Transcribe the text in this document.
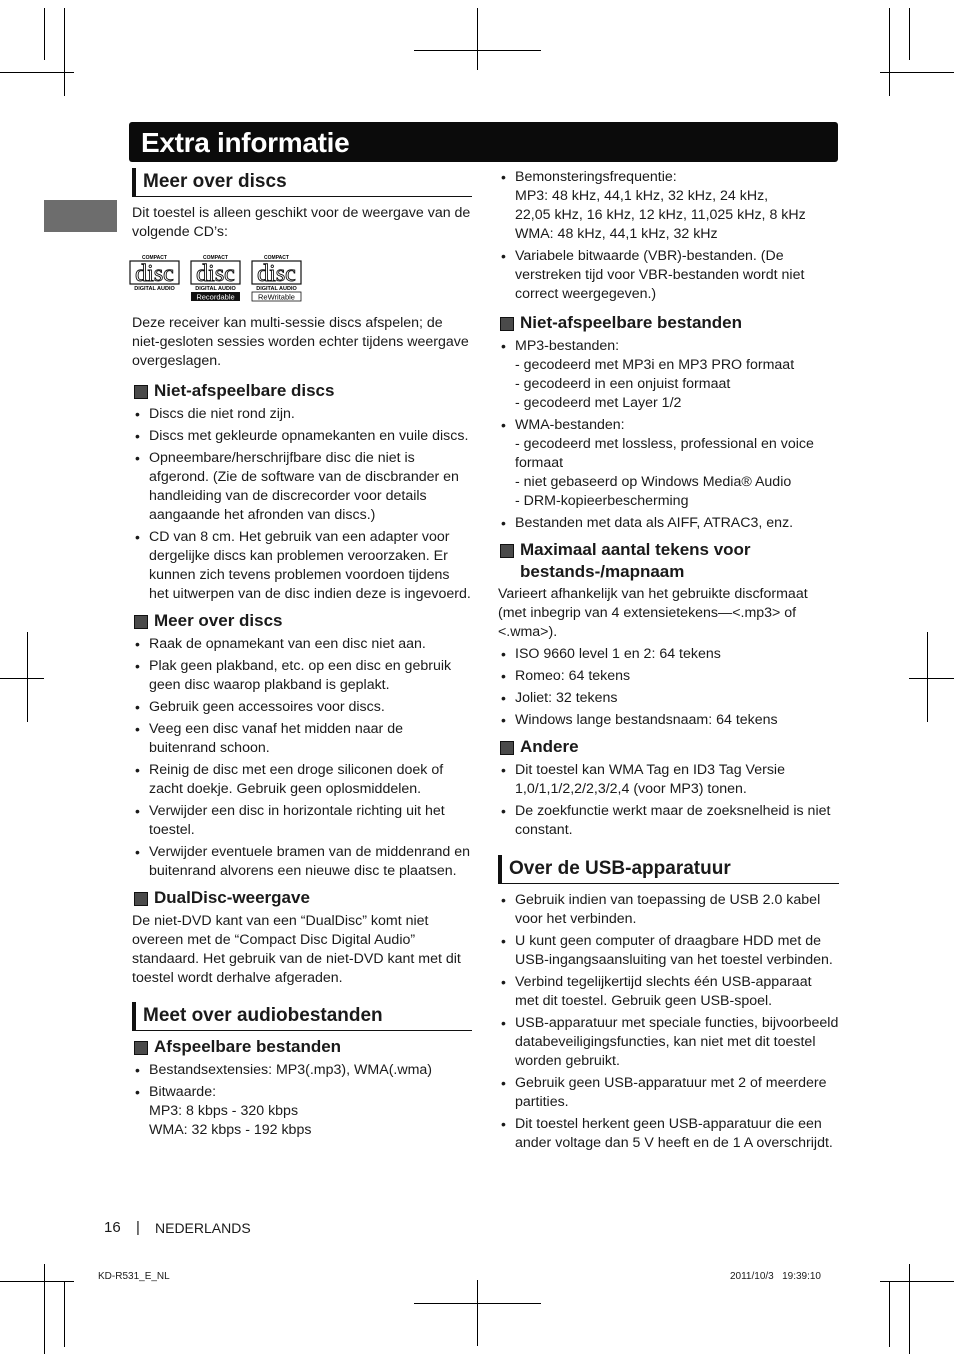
Extra informatie
Meer over discs

Dit toestel is alleen geschikt voor de weergave van de volgende CD’s:

COMPACT
disc
DIGITAL AUDIO
COMPACT
disc
DIGITAL AUDIO
Recordable
COMPACT
disc
DIGITAL AUDIO
ReWritable

Deze receiver kan multi-sessie discs afspelen; de niet-gesloten sessies worden echter tijdens weergave overgeslagen.

Niet-afspeelbare discs
• Discs die niet rond zijn.
• Discs met gekleurde opnamekanten en vuile discs.
• Opneembare/herschrijfbare disc die niet is afgerond. (Zie de software van de discbrander en handleiding van de discrecorder voor details aangaande het afronden van discs.)
• CD van 8 cm. Het gebruik van een adapter voor dergelijke discs kan problemen veroorzaken. Er kunnen zich tevens problemen voordoen tijdens het uitwerpen van de disc indien deze is ingevoerd.
Meer over discs
• Raak de opnamekant van een disc niet aan.
• Plak geen plakband, etc. op een disc en gebruik geen disc waarop plakband is geplakt.
• Gebruik geen accessoires voor discs.
• Veeg een disc vanaf het midden naar de buitenrand schoon.
• Reinig de disc met een droge siliconen doek of zacht doekje. Gebruik geen oplosmiddelen.
• Verwijder een disc in horizontale richting uit het toestel.
• Verwijder eventuele bramen van de middenrand en buitenrand alvorens een nieuwe disc te plaatsen.
DualDisc-weergave

De niet-DVD kant van een “DualDisc” komt niet overeen met de “Compact Disc Digital Audio” standaard. Het gebruik van de niet-DVD kant met dit toestel wordt derhalve afgeraden.

Meet over audiobestanden
Afspeelbare bestanden
• Bestandsextensies: MP3(.mp3), WMA(.wma)
• Bitwaarde:
MP3: 8 kbps - 320 kbps
WMA: 32 kbps - 192 kbps
• Bemonsteringsfrequentie:
MP3: 48 kHz, 44,1 kHz, 32 kHz, 24 kHz,
22,05 kHz, 16 kHz, 12 kHz, 11,025 kHz, 8 kHz
WMA: 48 kHz, 44,1 kHz, 32 kHz
• Variabele bitwaarde (VBR)-bestanden. (De verstreken tijd voor VBR-bestanden wordt niet correct weergegeven.)
Niet-afspeelbare bestanden
• MP3-bestanden:
- gecodeerd met MP3i en MP3 PRO formaat
- gecodeerd in een onjuist formaat
- gecodeerd met Layer 1/2
• WMA-bestanden:
- gecodeerd met lossless, professional en voice formaat
- niet gebaseerd op Windows Media® Audio
- DRM-kopieerbescherming
• Bestanden met data als AIFF, ATRAC3, enz.
Maximaal aantal tekens voor bestands-/mapnaam

Varieert afhankelijk van het gebruikte discformaat (met inbegrip van 4 extensietekens—<.mp3> of <.wma>).

• ISO 9660 level 1 en 2: 64 tekens
• Romeo: 64 tekens
• Joliet: 32 tekens
• Windows lange bestandsnaam: 64 tekens
Andere
• Dit toestel kan WMA Tag en ID3 Tag Versie 1,0/1,1/2,2/2,3/2,4 (voor MP3) tonen.
• De zoekfunctie werkt maar de zoeksnelheid is niet constant.
Over de USB-apparatuur
• Gebruik indien van toepassing de USB 2.0 kabel voor het verbinden.
• U kunt geen computer of draagbare HDD met de USB-ingangsaansluiting van het toestel verbinden.
• Verbind tegelijkertijd slechts één USB-apparaat met dit toestel. Gebruik geen USB-spoel.
• USB-apparatuur met speciale functies, bijvoorbeeld databeveiligingsfuncties, kan niet met dit toestel worden gebruikt.
• Gebruik geen USB-apparatuur met 2 of meerdere partities.
• Dit toestel herkent geen USB-apparatuur die een ander voltage dan 5 V heeft en de 1 A overschrijdt.
16 | NEDERLANDS
KD-R531_E_NL	2011/10/3   19:39:10
